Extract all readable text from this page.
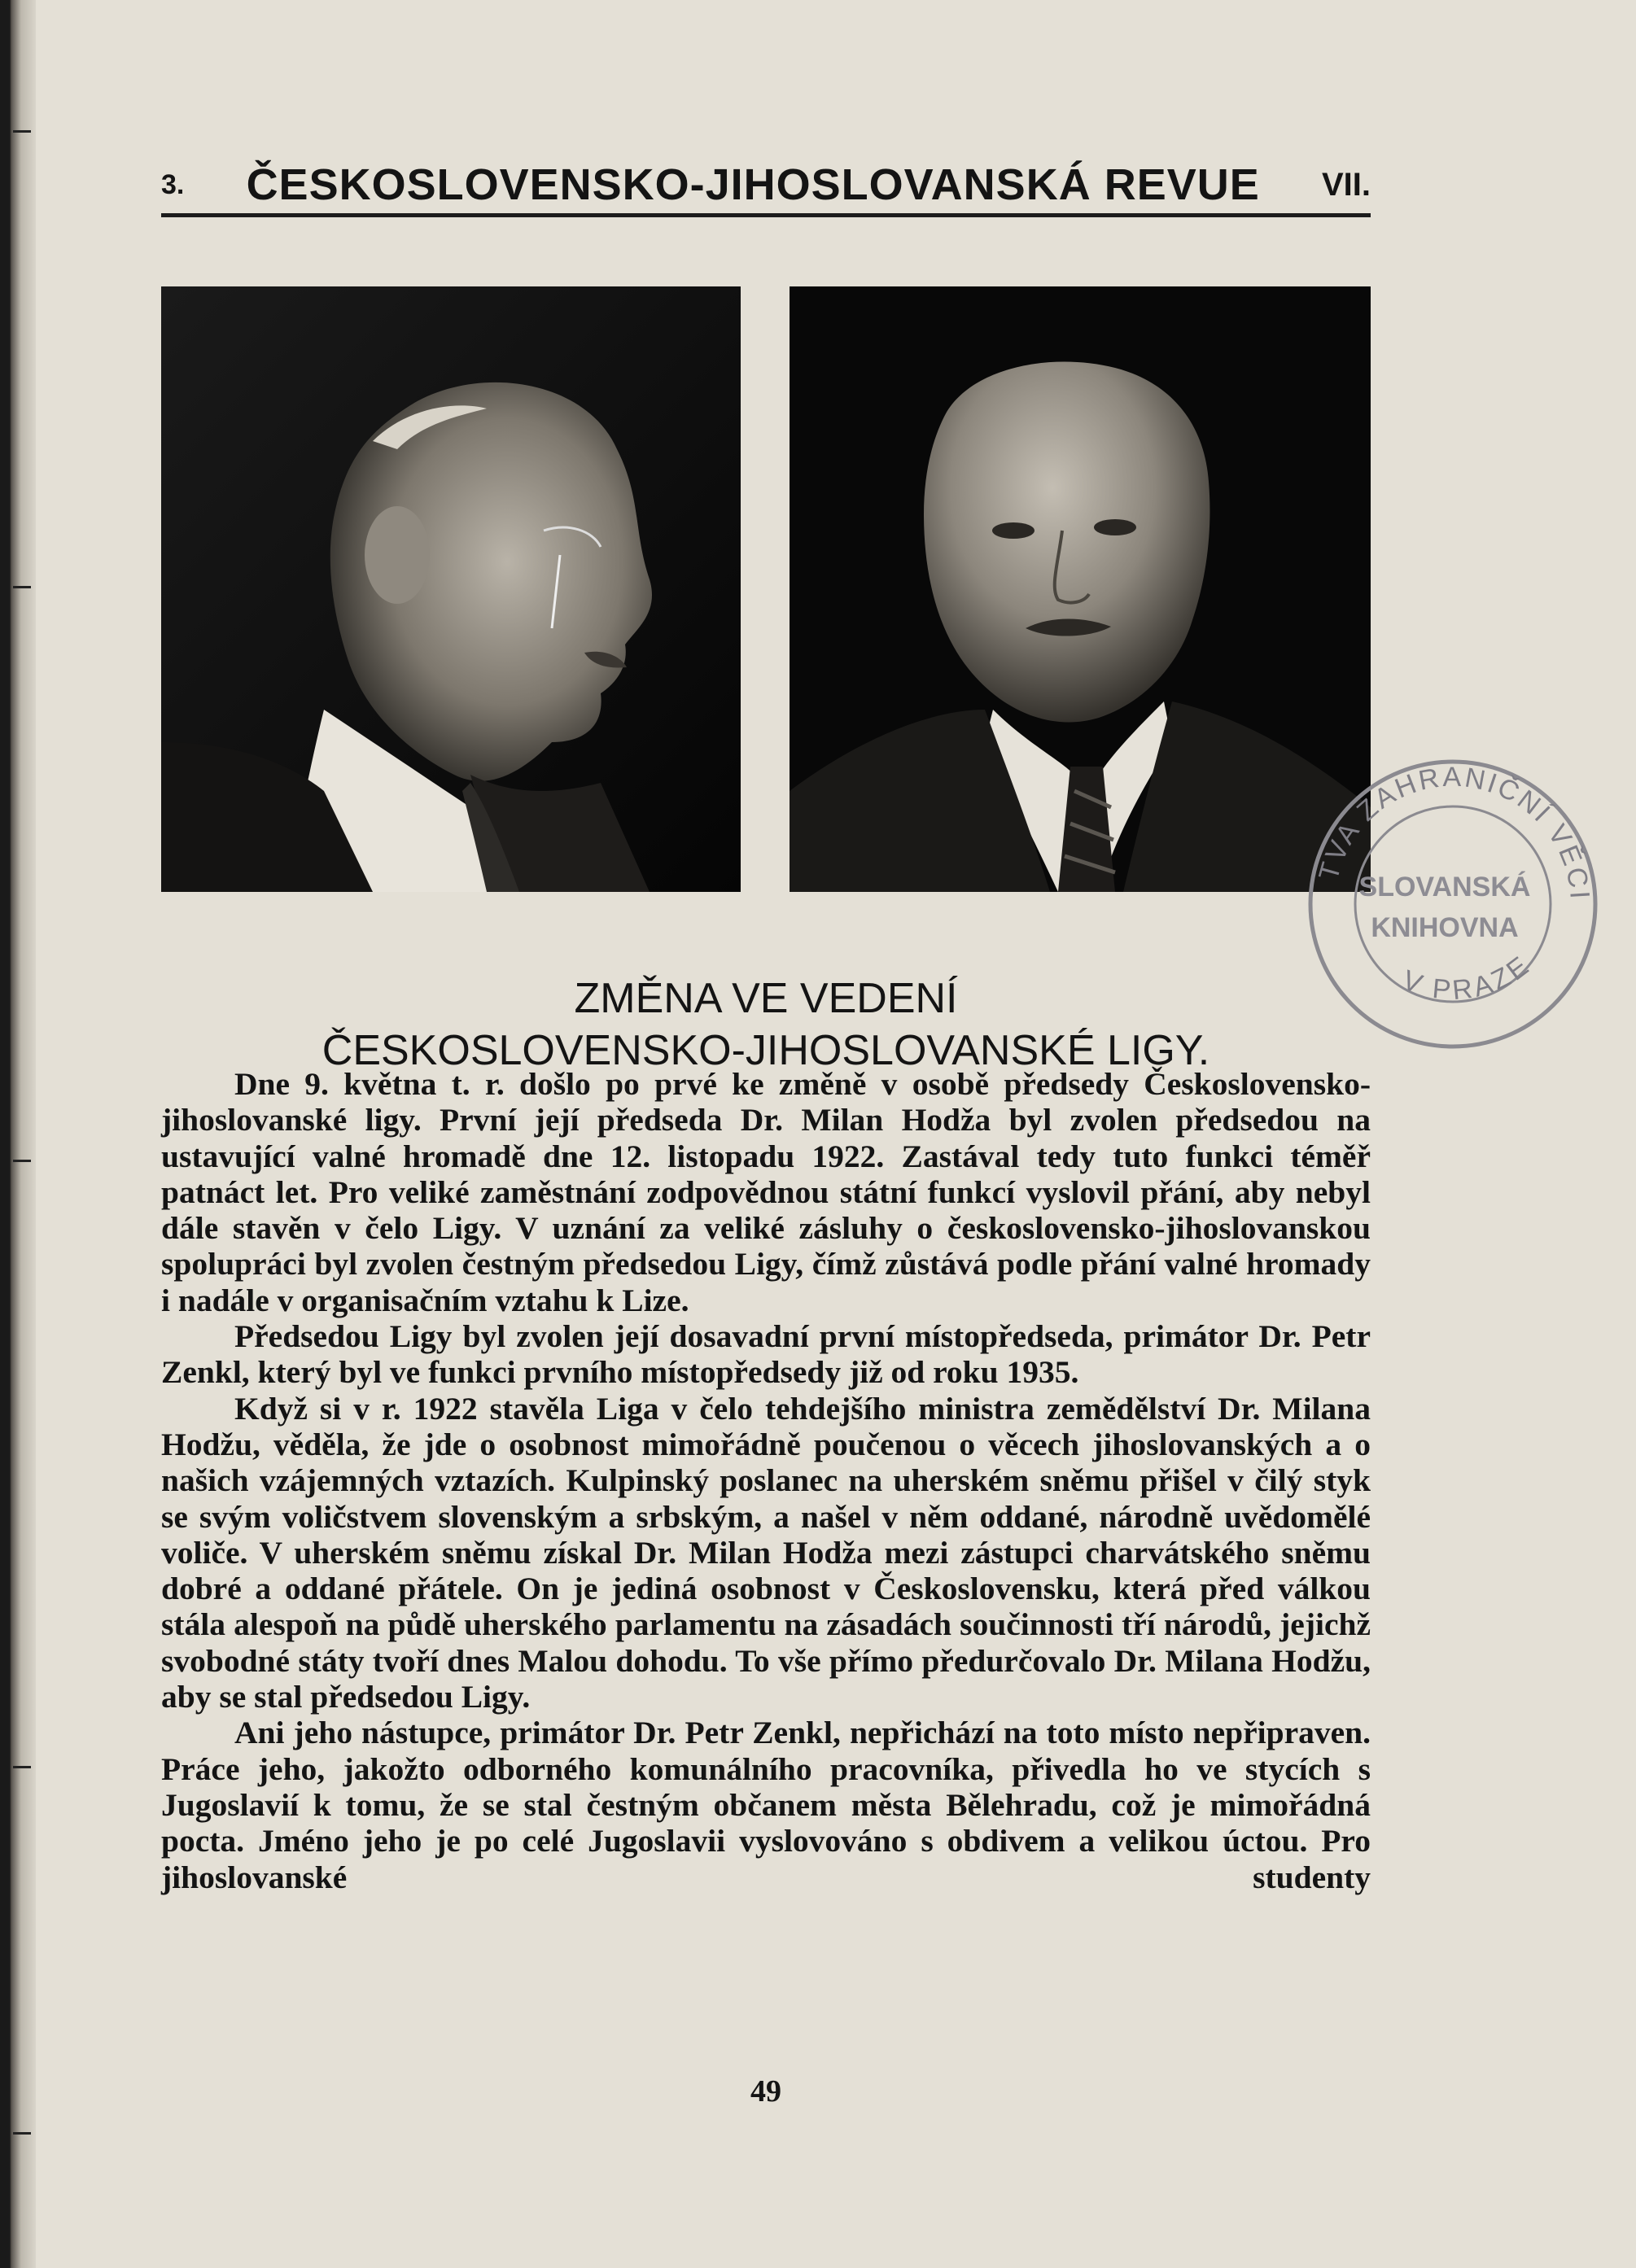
3. ČESKOSLOVENSKO-JIHOSLOVANSKÁ REVUE VII.
TVA ZAHRANIČNÍ VĚCI
V PRAZE
SLOVANSKÁ
KNIHOVNA
ZMĚNA VE VEDENÍ
ČESKOSLOVENSKO-JIHOSLOVANSKÉ LIGY.

Dne 9. května t. r. došlo po prvé ke změně v osobě předsedy Československo-jihoslovanské ligy. První její předseda Dr. Milan Hodža byl zvolen předsedou na ustavující valné hromadě dne 12. listopadu 1922. Zastával tedy tuto funkci téměř patnáct let. Pro veliké zaměstnání zodpovědnou státní funkcí vyslovil přání, aby nebyl dále stavěn v čelo Ligy. V uznání za veliké zásluhy o československo-jihoslovanskou spolupráci byl zvolen čestným předsedou Ligy, čímž zůstává podle přání valné hromady i nadále v organisačním vztahu k Lize.

Předsedou Ligy byl zvolen její dosavadní první místopředseda, primátor Dr. Petr Zenkl, který byl ve funkci prvního místopředsedy již od roku 1935.

Když si v r. 1922 stavěla Liga v čelo tehdejšího ministra zemědělství Dr. Milana Hodžu, věděla, že jde o osobnost mimořádně poučenou o věcech jihoslovanských a o našich vzájemných vztazích. Kulpinský poslanec na uherském sněmu přišel v čilý styk se svým voličstvem slovenským a srbským, a našel v něm oddané, národně uvědomělé voliče. V uherském sněmu získal Dr. Milan Hodža mezi zástupci charvátského sněmu dobré a oddané přátele. On je jediná osobnost v Československu, která před válkou stála alespoň na půdě uherského parlamentu na zásadách součinnosti tří národů, jejichž svobodné státy tvoří dnes Malou dohodu. To vše přímo předurčovalo Dr. Milana Hodžu, aby se stal předsedou Ligy.

Ani jeho nástupce, primátor Dr. Petr Zenkl, nepřichází na toto místo nepřipraven. Práce jeho, jakožto odborného komunálního pracovníka, přivedla ho ve stycích s Jugoslavií k tomu, že se stal čestným občanem města Bělehradu, což je mimořádná pocta. Jméno jeho je po celé Jugoslavii vyslovováno s obdivem a velikou úctou. Pro jihoslovanské studenty

49
